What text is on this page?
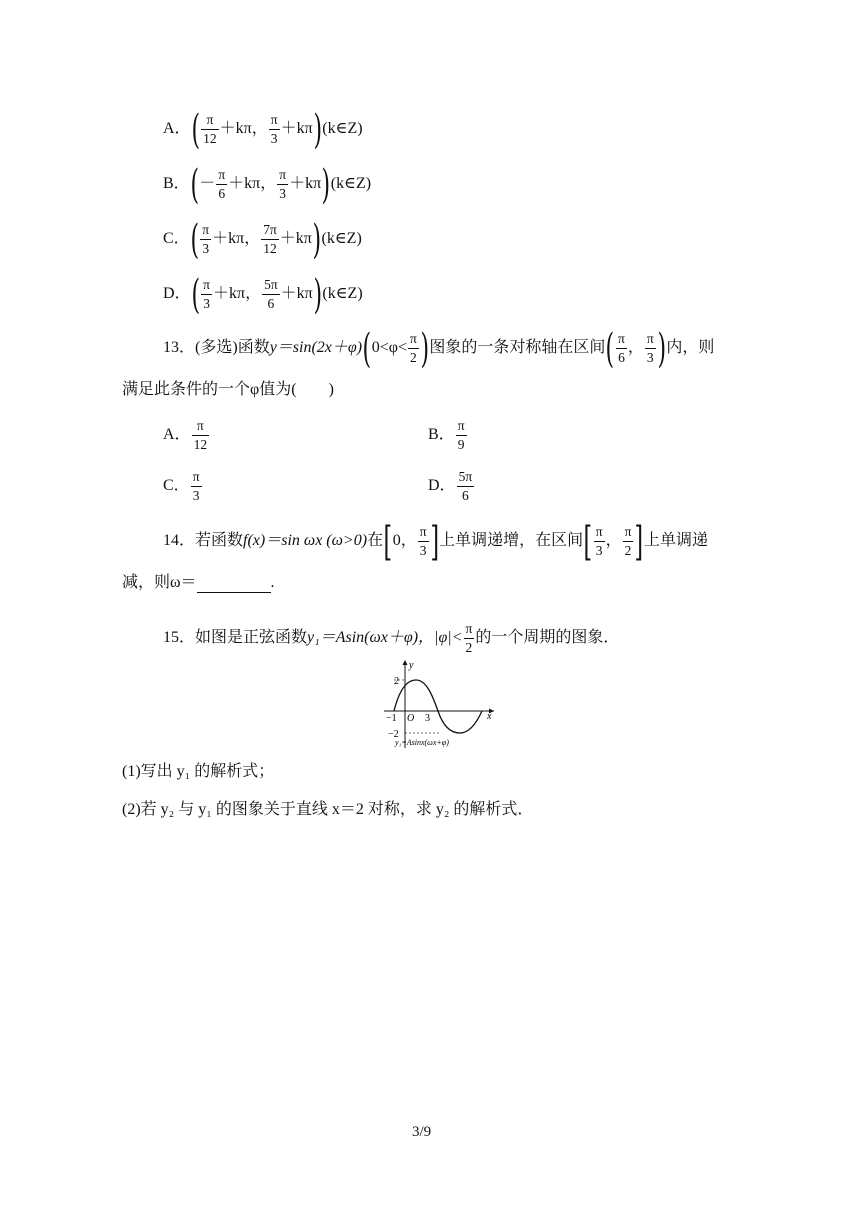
A．( $\frac{\pi}{12} +k\pi$， $\frac{\pi}{3}$ ＋kπ)(k∈Z)
B．(－ $\frac{\pi}{6} +k\pi$， $\frac{\pi}{3}$ ＋kπ)(k∈Z)
C．( $\frac{\pi}{3} +k\pi$， $\frac{7\pi}{12}$ ＋kπ)(k∈Z)
D．( $\frac{\pi}{3} +k\pi$， $\frac{5\pi}{6}$ ＋kπ)(k∈Z)
13．(多选)函数$y=\sin(2x+\varphi)(0<\varphi< \frac{\pi}{2}$ )图象的一条对称轴在区间( $\frac{\pi}{6}$ ， $\frac{\pi}{3}$ )内，则
满足此条件的一个φ值为(　　)
A． $\frac{\pi}{12}$	B． $\frac{\pi}{9}$
C． $\frac{\pi}{3}$	D． $\frac{5\pi}{6}$
14．若函数f(x)＝sin ωx (ω>0)在[0， $\frac{\pi}{3}$ ]上单调递增，在区间[ $\frac{\pi}{3}$ ， $\frac{\pi}{2}$ ]上单调递
减，则ω＝	.
15．如图是正弦函数y₁＝Asin(ωx＋φ)，$|\varphi|< \frac{\pi}{2}$ 的一个周期的图象．
y
x
2
−2
−1 O 3
y₁=Asinx(ωx+φ)
(1)写出 y₁ 的解析式；
(2)若 y₂ 与 y₁ 的图象关于直线 x＝2 对称，求 y₂ 的解析式．
3/9
